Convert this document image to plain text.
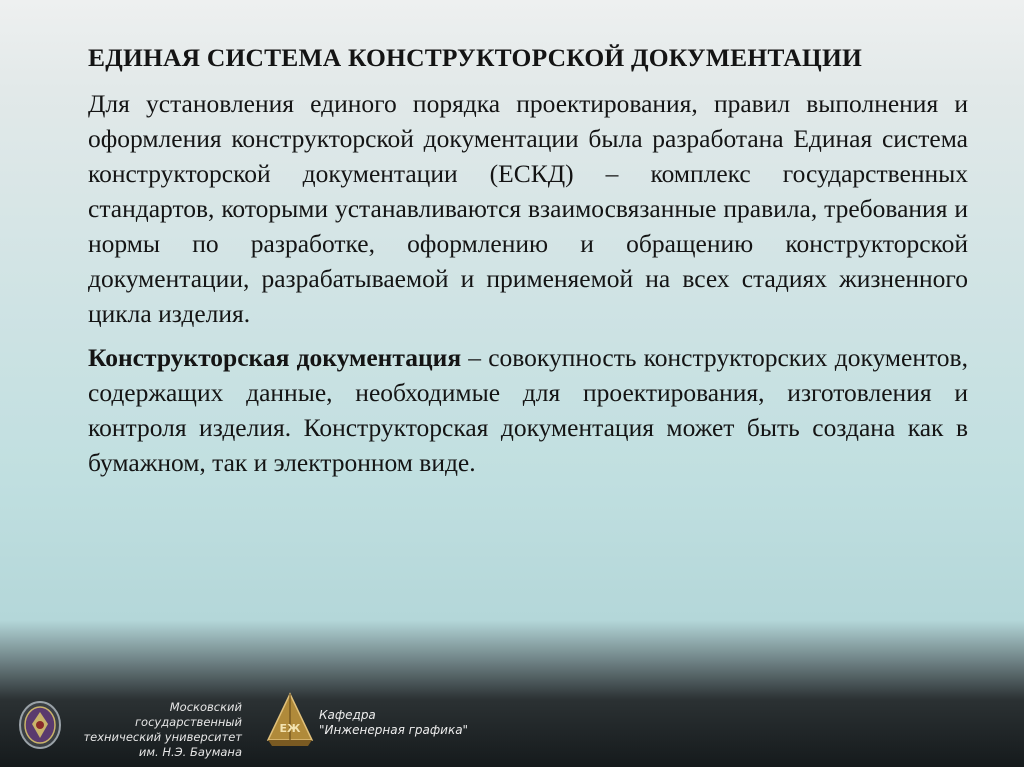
ЕДИНАЯ СИСТЕМА КОНСТРУКТОРСКОЙ ДОКУМЕНТАЦИИ

Для установления единого порядка проектирования, правил выполнения и оформления конструкторской документации была разработана Единая система конструкторской документации (ЕСКД) – комплекс государственных стандартов, которыми устанавливаются взаимосвязанные правила, требования и нормы по разработке, оформлению и обращению конструкторской документации, разрабатываемой и применяемой на всех стадиях жизненного цикла изделия.

Конструкторская документация – совокупность конструкторских документов, содержащих данные, необходимые для проектирования, изготовления и контроля изделия. Конструкторская документация может быть создана как в бумажном, так и электронном виде.

Московский государственный
технический университет
им. Н.Э. Баумана
ЕЖ
Кафедра
"Инженерная графика"
